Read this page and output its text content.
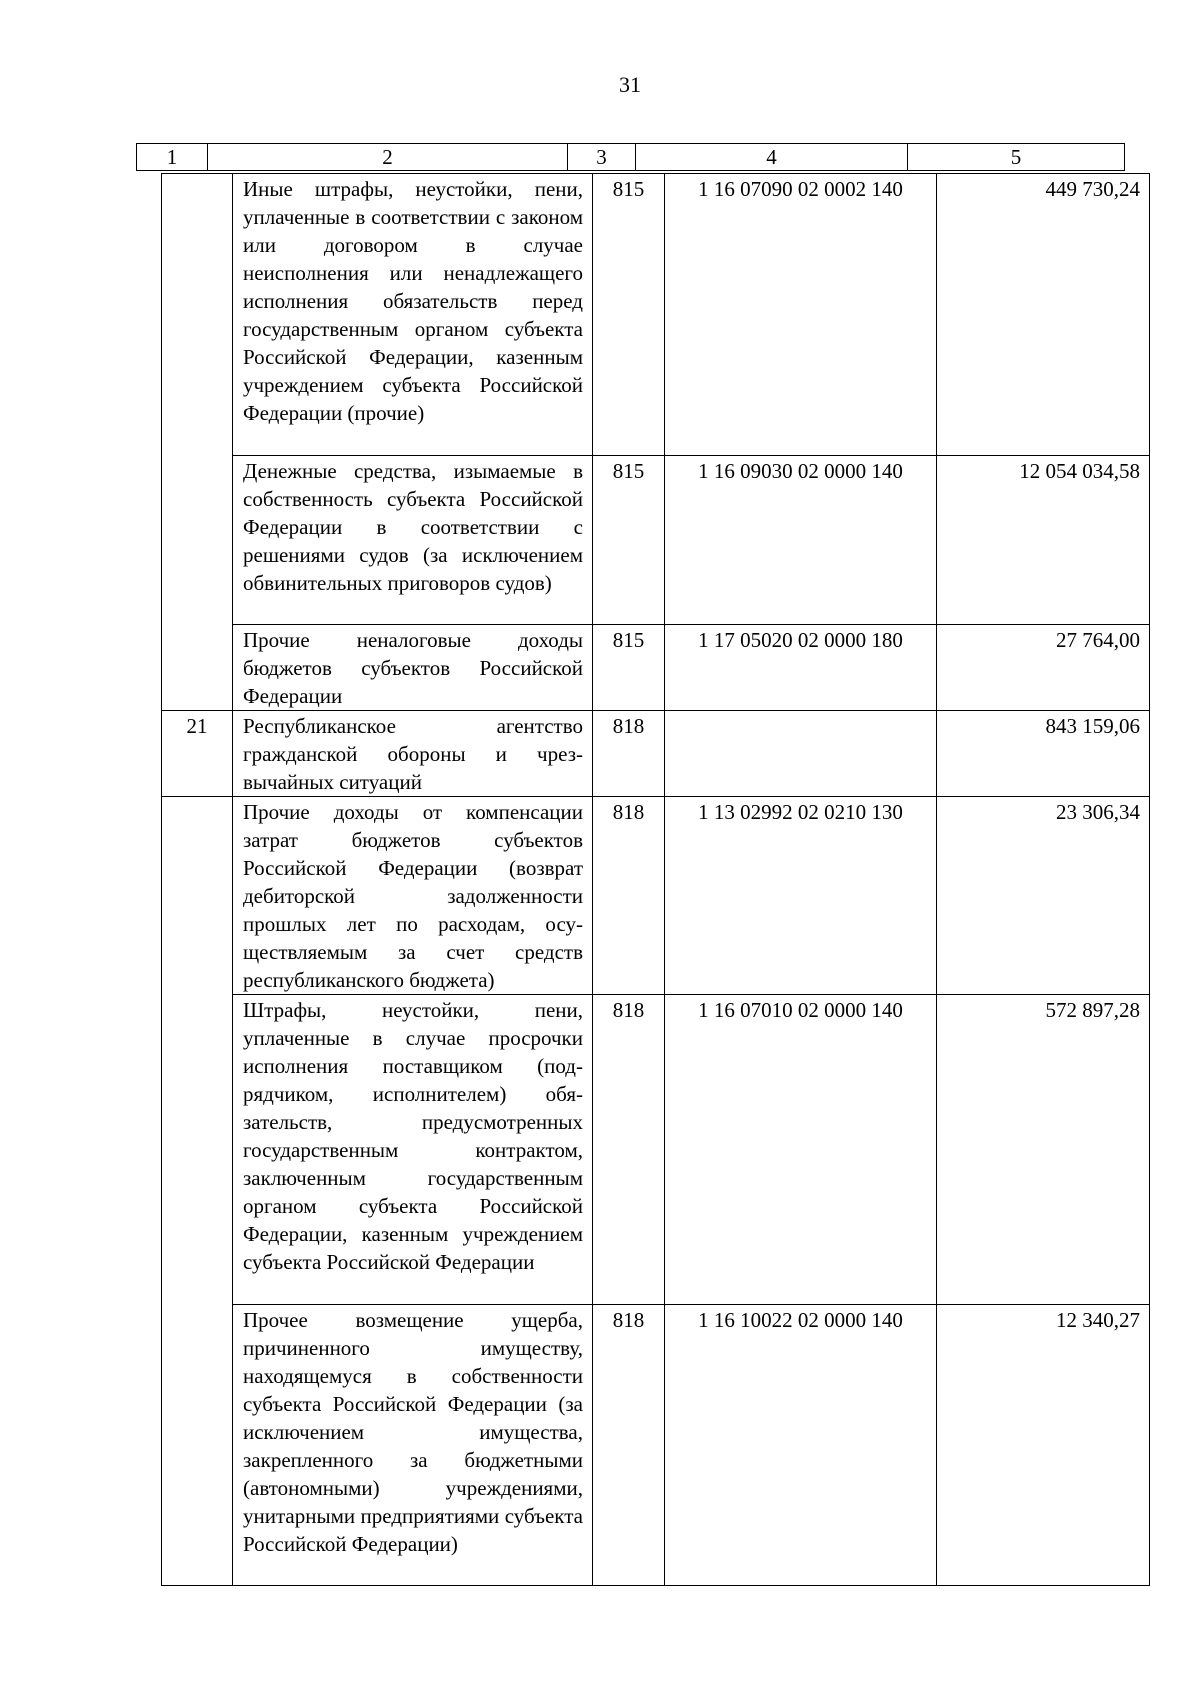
31
1	2	3	4	5
	Иные штрафы, неустойки, пени, уплаченные в соответствии с законом или договором в случае неисполнения или ненадлежащего исполнения обязательств перед государственным органом субъекта Российской Федерации, казенным учреждением субъекта Российской Федерации (прочие)	815	1 16 07090 02 0002 140	449 730,24
	Денежные средства, изымаемые в собственность субъекта Российской Федерации в соответствии с решениями судов (за исключением обвинительных приговоров судов)	815	1 16 09030 02 0000 140	12 054 034,58
	Прочие неналоговые доходы бюджетов субъектов Российской Федерации	815	1 17 05020 02 0000 180	27 764,00
21	Республиканское агентство гражданской обороны и чрезвычайных ситуаций	818		843 159,06
	Прочие доходы от компенсации затрат бюджетов субъектов Российской Федерации (возврат дебиторской задолженности прошлых лет по расходам, осуществляемым за счет средств республиканского бюджета)	818	1 13 02992 02 0210 130	23 306,34
	Штрафы, неустойки, пени, уплаченные в случае просрочки исполнения поставщиком (подрядчиком, исполнителем) обязательств, предусмотренных государственным контрактом, заключенным государственным органом субъекта Российской Федерации, казенным учреждением субъекта Российской Федерации	818	1 16 07010 02 0000 140	572 897,28
	Прочее возмещение ущерба, причиненного имуществу, находящемуся в собственности субъекта Российской Федерации (за исключением имущества, закрепленного за бюджетными (автономными) учреждениями, унитарными предприятиями субъекта Российской Федерации)	818	1 16 10022 02 0000 140	12 340,27
